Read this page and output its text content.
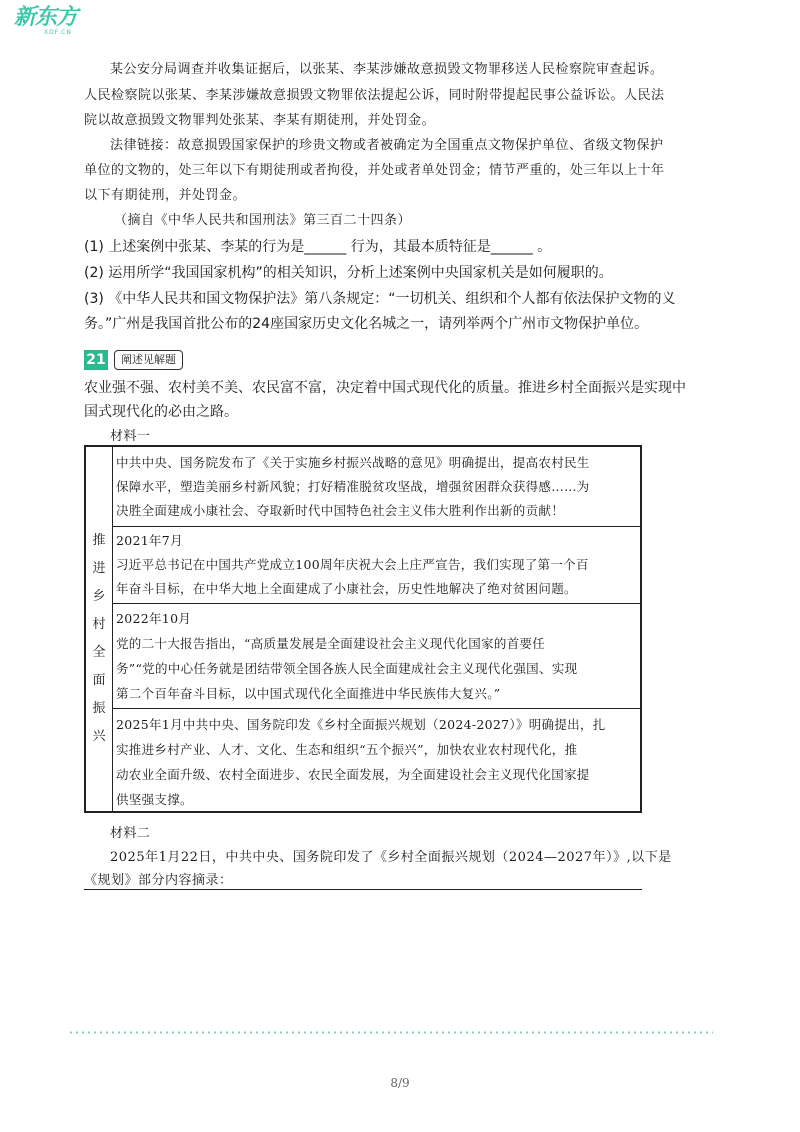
新东方
XDF.CN
某公安分局调查并收集证据后，以张某、李某涉嫌故意损毁文物罪移送人民检察院审查起诉。
人民检察院以张某、李某涉嫌故意损毁文物罪依法提起公诉，同时附带提起民事公益诉讼。人民法
院以故意损毁文物罪判处张某、李某有期徒刑，并处罚金。
法律链接：故意损毁国家保护的珍贵文物或者被确定为全国重点文物保护单位、省级文物保护
单位的文物的，处三年以下有期徒刑或者拘役，并处或者单处罚金；情节严重的，处三年以上十年
以下有期徒刑，并处罚金。
（摘自《中华人民共和国刑法》第三百二十四条）
(1) 上述案例中张某、李某的行为是______ 行为，其最本质特征是______ 。
(2) 运用所学“我国国家机构”的相关知识，分析上述案例中央国家机关是如何履职的。
(3) 《中华人民共和国文物保护法》第八条规定：“一切机关、组织和个人都有依法保护文物的义
务。”广州是我国首批公布的24座国家历史文化名城之一，请列举两个广州市文物保护单位。
21	阐述见解题
农业强不强、农村美不美、农民富不富，决定着中国式现代化的质量。推进乡村全面振兴是实现中
国式现代化的必由之路。
材料一
推
进
乡
村
全
面
振
兴
中共中央、国务院发布了《关于实施乡村振兴战略的意见》明确提出，提高农村民生
保障水平，塑造美丽乡村新风貌；打好精准脱贫攻坚战，增强贫困群众获得感……为
决胜全面建成小康社会、夺取新时代中国特色社会主义伟大胜利作出新的贡献！
2021年7月
习近平总书记在中国共产党成立100周年庆祝大会上庄严宣告，我们实现了第一个百
年奋斗目标，在中华大地上全面建成了小康社会，历史性地解决了绝对贫困问题。
2022年10月
党的二十大报告指出，“高质量发展是全面建设社会主义现代化国家的首要任
务”“党的中心任务就是团结带领全国各族人民全面建成社会主义现代化强国、实现
第二个百年奋斗目标，以中国式现代化全面推进中华民族伟大复兴。”
2025年1月中共中央、国务院印发《乡村全面振兴规划（2024-2027）》明确提出，扎
实推进乡村产业、人才、文化、生态和组织“五个振兴”，加快农业农村现代化，推
动农业全面升级、农村全面进步、农民全面发展，为全面建设社会主义现代化国家提
供坚强支撑。
材料二
2025年1月22日，中共中央、国务院印发了《乡村全面振兴规划（2024—2027年）》,以下是
《规划》部分内容摘录：
8/9
